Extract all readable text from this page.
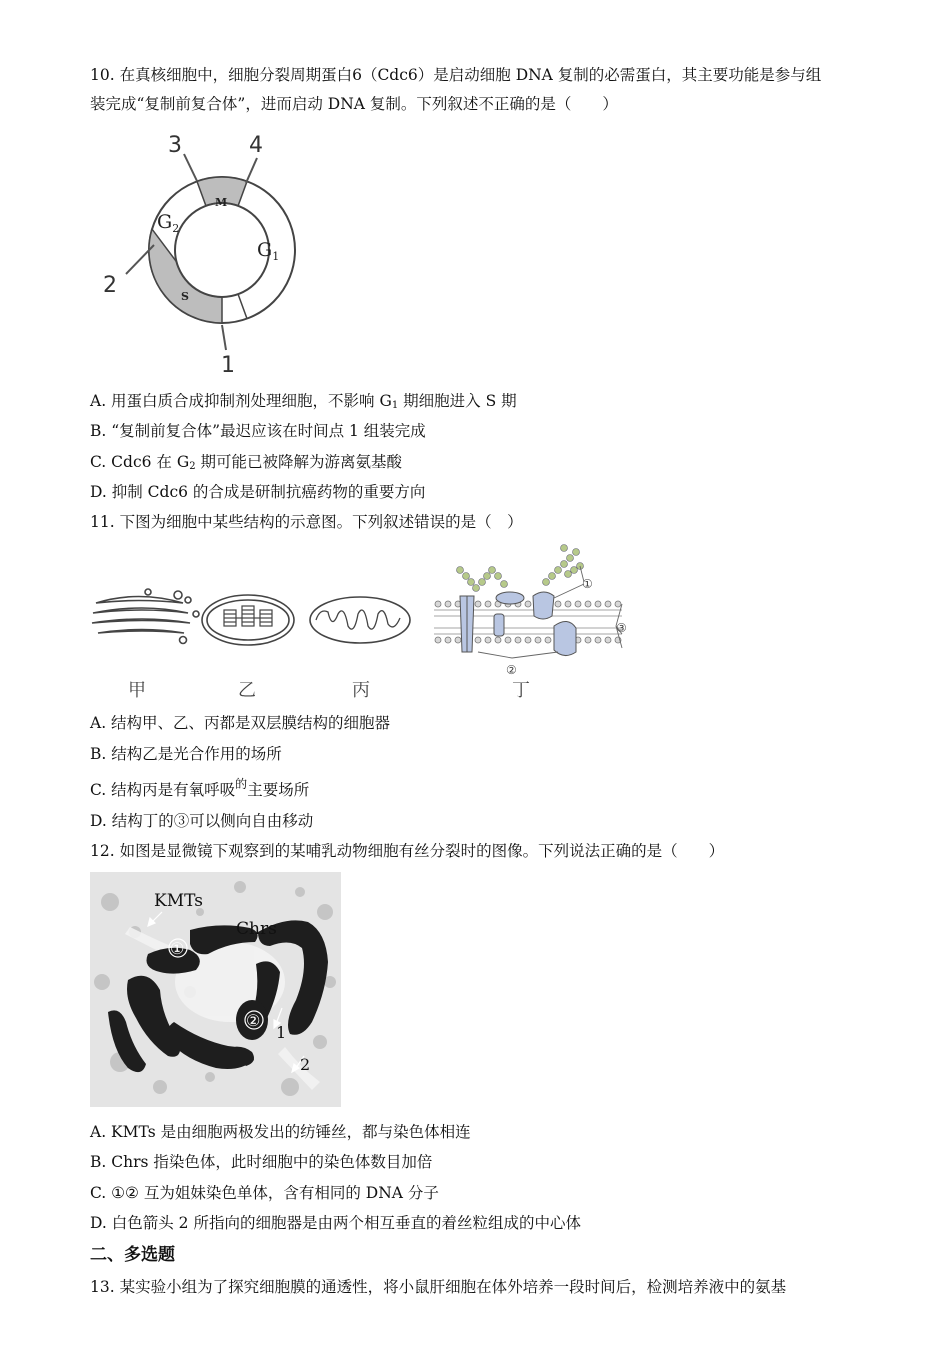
10. 在真核细胞中，细胞分裂周期蛋白6（Cdc6）是启动细胞 DNA 复制的必需蛋白，其主要功能是参与组
装完成“复制前复合体”，进而启动 DNA 复制。下列叙述不正确的是（　　）
3	4
2
1
M
S
$G_2$
$G_1$
A. 用蛋白质合成抑制剂处理细胞，不影响 $G_1$ 期细胞进入 S 期
B. “复制前复合体”最迟应该在时间点 1 组装完成
C. Cdc6 在 $G_2$ 期可能已被降解为游离氨基酸
D. 抑制 Cdc6 的合成是研制抗癌药物的重要方向
11. 下图为细胞中某些结构的示意图。下列叙述错误的是（　）
①
②
③
甲	乙	丙	丁
A. 结构甲、乙、丙都是双层膜结构的细胞器
B. 结构乙是光合作用的场所
C. 结构丙是有氧呼吸$^的$主要场所
D. 结构丁的③可以侧向自由移动
12. 如图是显微镜下观察到的某哺乳动物细胞有丝分裂时的图像。下列说法正确的是（　　）
①
②
KMTs
Chrs
1
2
A. KMTs 是由细胞两极发出的纺锤丝，都与染色体相连
B. Chrs 指染色体，此时细胞中的染色体数目加倍
C. ①② 互为姐妹染色单体，含有相同的 DNA 分子
D. 白色箭头 2 所指向的细胞器是由两个相互垂直的着丝粒组成的中心体
二、多选题
13. 某实验小组为了探究细胞膜的通透性，将小鼠肝细胞在体外培养一段时间后，检测培养液中的氨基
